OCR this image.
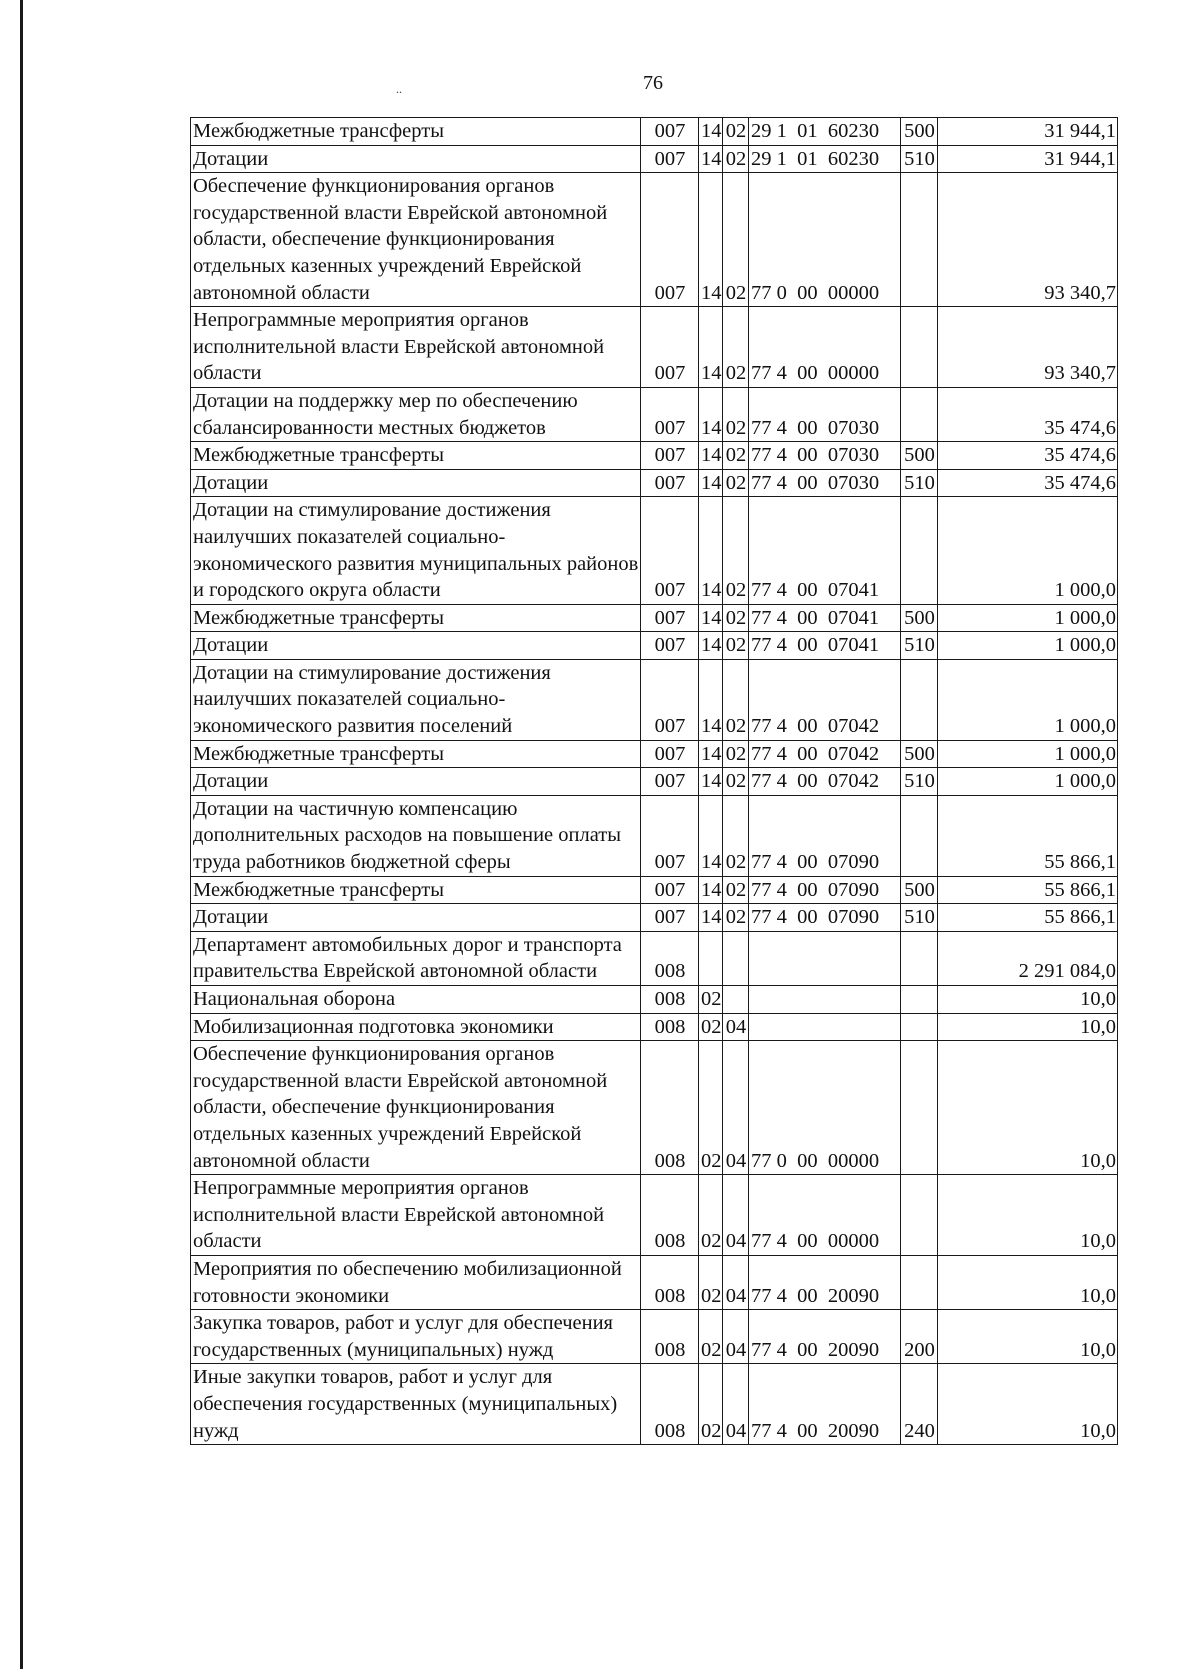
..	76
Межбюджетные трансферты	007	14	02	29 1  01  60230	500	31 944,1
Дотации	007	14	02	29 1  01  60230	510	31 944,1
Обеспечение функционирования органов государственной власти Еврейской автономной области, обеспечение функционирования отдельных казенных учреждений Еврейской автономной области	007	14	02	77 0  00  00000		93 340,7
Непрограммные мероприятия органов исполнительной власти Еврейской автономной области	007	14	02	77 4  00  00000		93 340,7
Дотации на поддержку мер по обеспечению сбалансированности местных бюджетов	007	14	02	77 4  00  07030		35 474,6
Межбюджетные трансферты	007	14	02	77 4  00  07030	500	35 474,6
Дотации	007	14	02	77 4  00  07030	510	35 474,6
Дотации на стимулирование достижения наилучших показателей социально-экономического развития муниципальных районов и городского округа области	007	14	02	77 4  00  07041		1 000,0
Межбюджетные трансферты	007	14	02	77 4  00  07041	500	1 000,0
Дотации	007	14	02	77 4  00  07041	510	1 000,0
Дотации на стимулирование достижения наилучших показателей социально-экономического развития поселений	007	14	02	77 4  00  07042		1 000,0
Межбюджетные трансферты	007	14	02	77 4  00  07042	500	1 000,0
Дотации	007	14	02	77 4  00  07042	510	1 000,0
Дотации на частичную компенсацию дополнительных расходов на повышение оплаты труда работников бюджетной сферы	007	14	02	77 4  00  07090		55 866,1
Межбюджетные трансферты	007	14	02	77 4  00  07090	500	55 866,1
Дотации	007	14	02	77 4  00  07090	510	55 866,1
Департамент автомобильных дорог и транспорта правительства Еврейской автономной области	008					2 291 084,0
Национальная оборона	008	02				10,0
Мобилизационная подготовка экономики	008	02	04			10,0
Обеспечение функционирования органов государственной власти Еврейской автономной области, обеспечение функционирования отдельных казенных учреждений Еврейской автономной области	008	02	04	77 0  00  00000		10,0
Непрограммные мероприятия органов исполнительной власти Еврейской автономной области	008	02	04	77 4  00  00000		10,0
Мероприятия по обеспечению мобилизационной готовности экономики	008	02	04	77 4  00  20090		10,0
Закупка товаров, работ и услуг для обеспечения государственных (муниципальных) нужд	008	02	04	77 4  00  20090	200	10,0
Иные закупки товаров, работ и услуг для обеспечения государственных (муниципальных) нужд	008	02	04	77 4  00  20090	240	10,0
